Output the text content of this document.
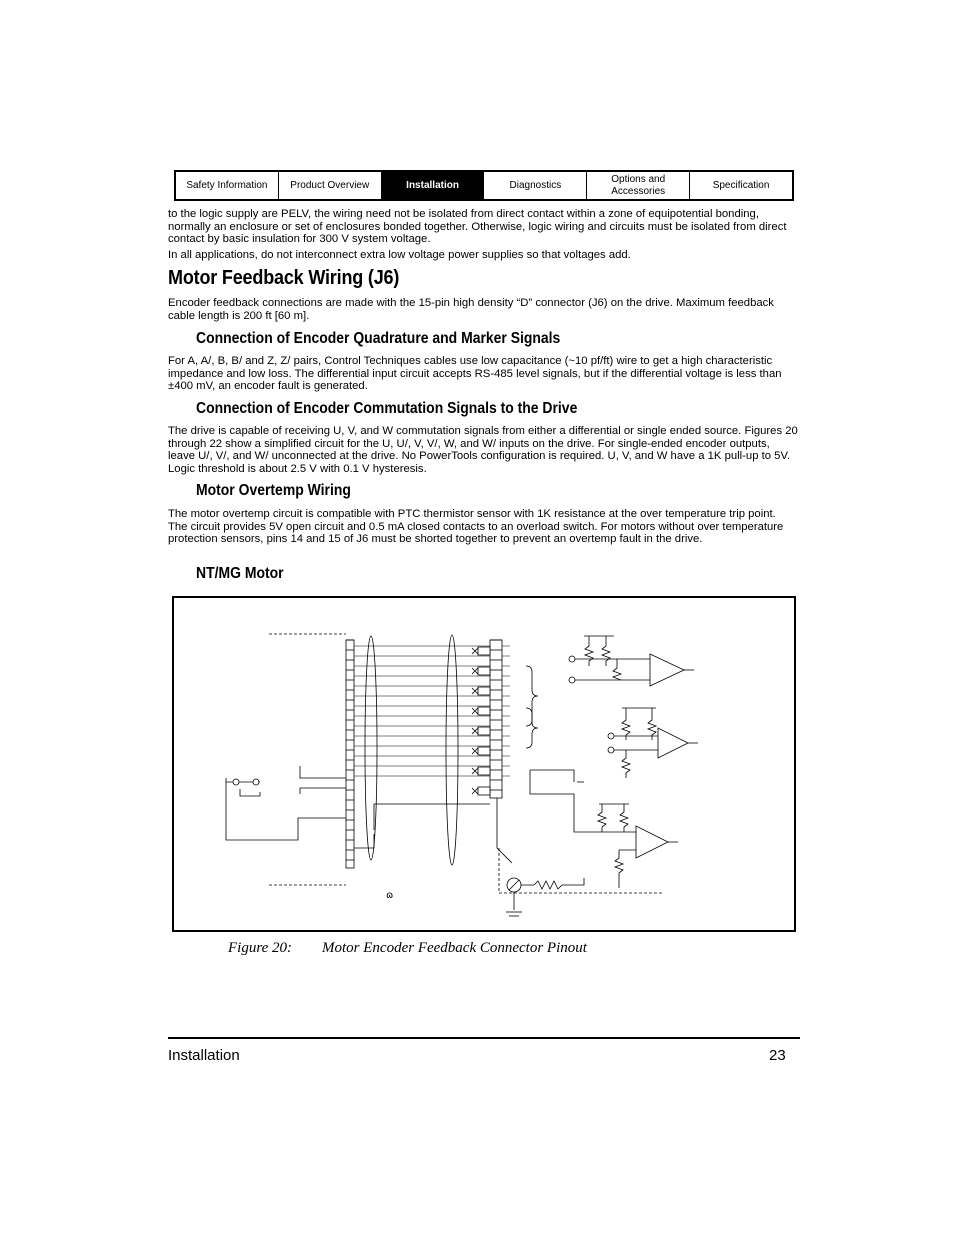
Safety Information	Product Overview	Installation	Diagnostics
Options and Accessories
Specification
to the logic supply are PELV, the wiring need not be isolated from direct contact within a zone of equipotential bonding, normally an enclosure or set of enclosures bonded together. Otherwise, logic wiring and circuits must be isolated from direct contact by basic insulation for 300 V system voltage.
In all applications, do not interconnect extra low voltage power supplies so that voltages add.
Motor Feedback Wiring (J6)
Encoder feedback connections are made with the 15-pin high density “D” connector (J6) on the drive. Maximum feedback cable length is 200 ft [60 m].
Connection of Encoder Quadrature and Marker Signals
For A, A/, B, B/ and Z, Z/ pairs, Control Techniques cables use low capacitance (~10 pf/ft) wire to get a high characteristic impedance and low loss. The differential input circuit accepts RS-485 level signals, but if the differential voltage is less than ±400 mV, an encoder fault is generated.
Connection of Encoder Commutation Signals to the Drive
The drive is capable of receiving U, V, and W commutation signals from either a differential or single ended source. Figures 20 through 22 show a simplified circuit for the U, U/, V, V/, W, and W/ inputs on the drive. For single-ended encoder outputs, leave U/, V/, and W/ unconnected at the drive. No PowerTools configuration is required. U, V, and W have a 1K pull-up to 5V. Logic threshold is about 2.5 V with 0.1 V hysteresis.
Motor Overtemp Wiring
The motor overtemp circuit is compatible with PTC thermistor sensor with 1K resistance at the over temperature trip point. The circuit provides 5V open circuit and 0.5 mA closed contacts to an overload switch. For motors without over temperature protection sensors, pins 14 and 15 of J6 must be shorted together to prevent an overtemp fault in the drive.
NT/MG Motor
ɷ
Figure 20: Motor Encoder Feedback Connector Pinout
Installation	23
